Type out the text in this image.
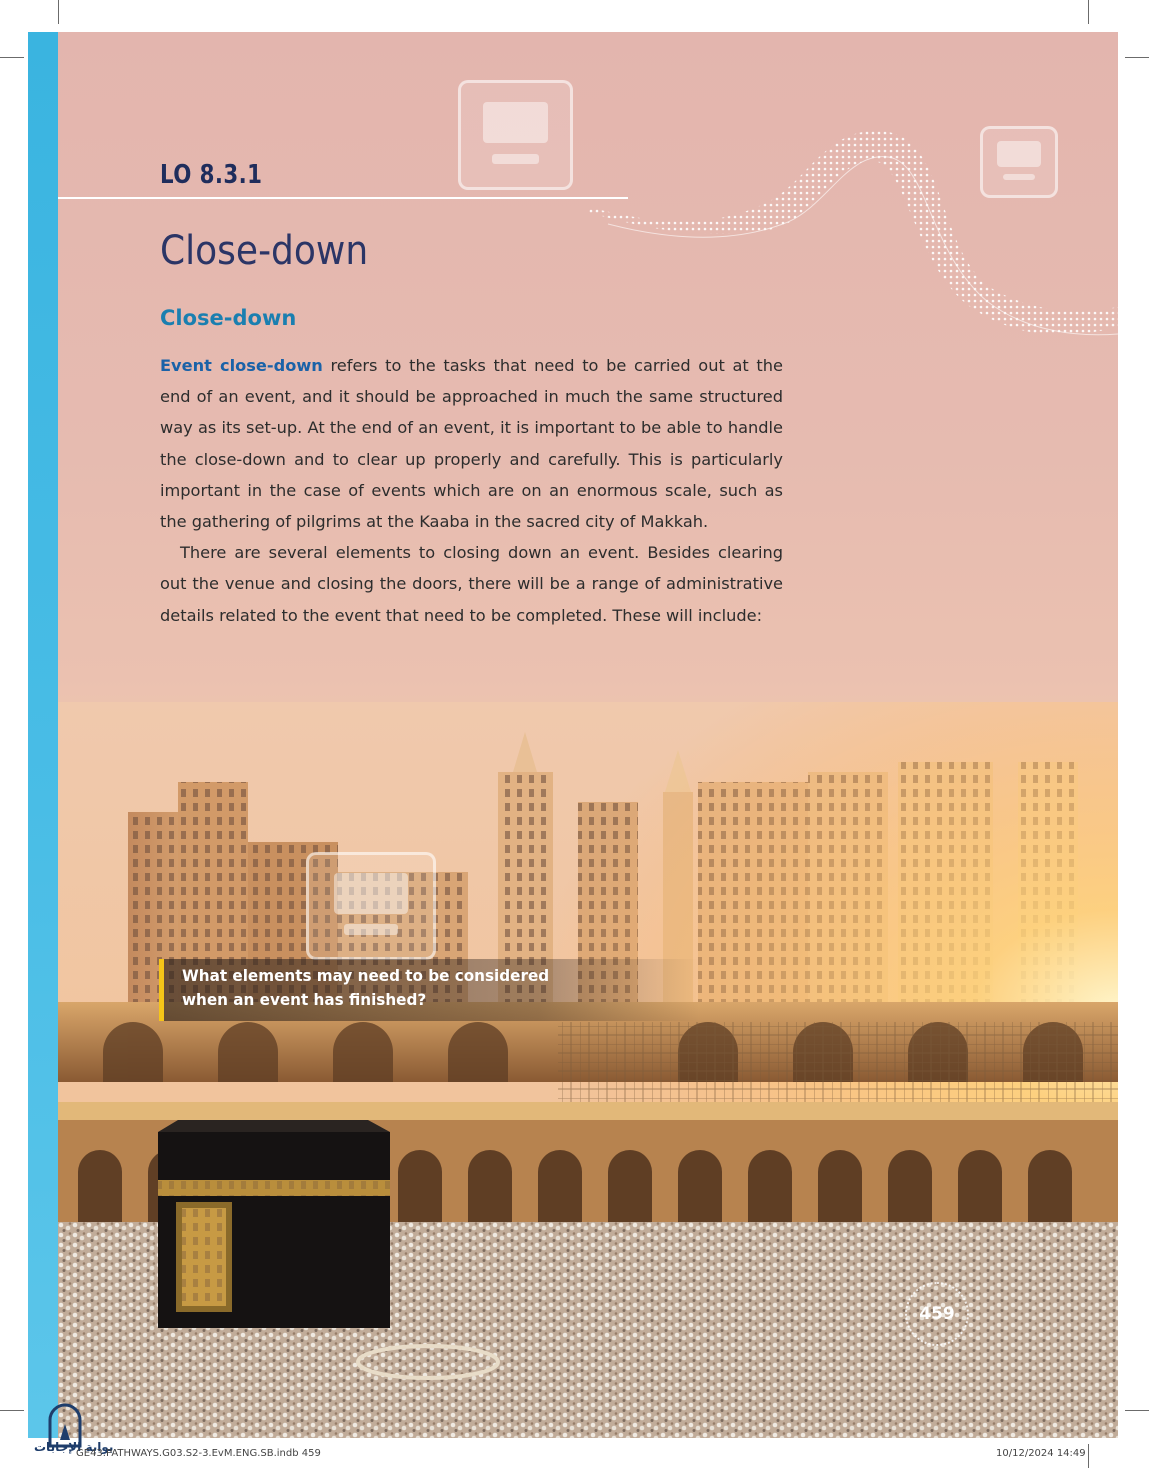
LO 8.3.1
Close-down
Close-down

Event close-down refers to the tasks that need to be carried out at the end of an event, and it should be approached in much the same structured way as its set-up. At the end of an event, it is important to be able to handle the close-down and to clear up properly and carefully. This is particularly important in the case of events which are on an enormous scale, such as the gathering of pilgrims at the Kaaba in the sacred city of Makkah.

There are several elements to closing down an event. Besides clearing out the venue and closing the doors, there will be a range of administrative details related to the event that need to be completed. These will include:

What elements may need to be considered
when an event has finished?
459
بوابة الإجابات
GE43.PATHWAYS.G03.S2-3.EvM.ENG.SB.indb 459	10/12/2024 14:49
